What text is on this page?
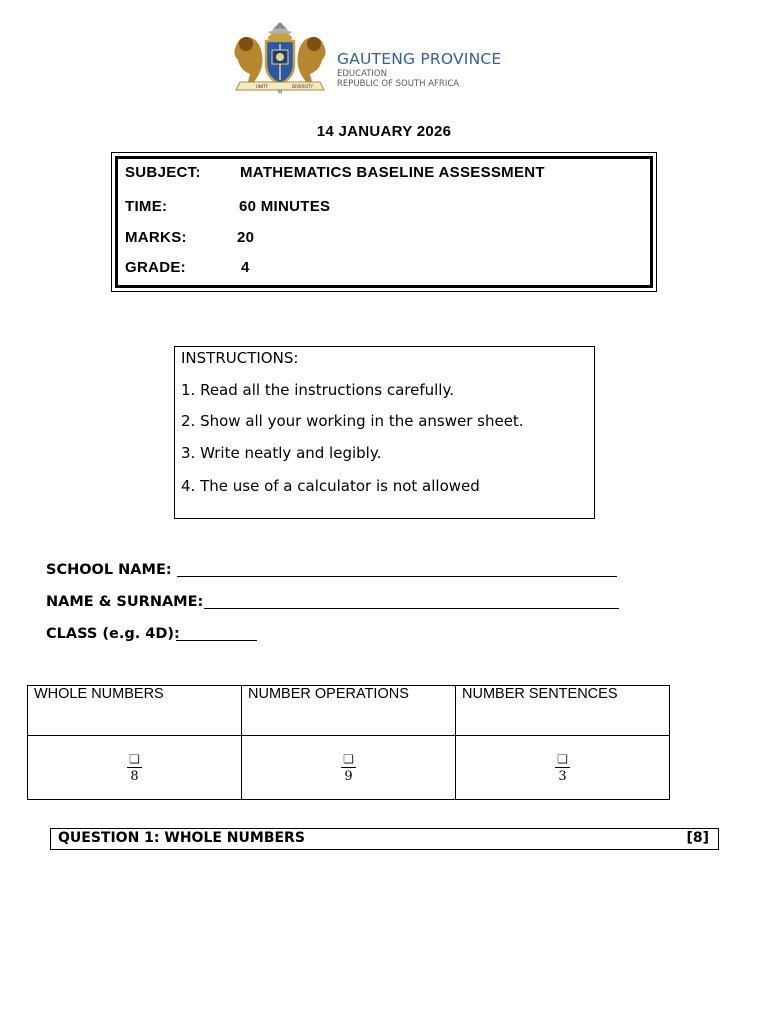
UNITY
IN
DIVERSITY
GAUTENG PROVINCE
EDUCATION
REPUBLIC OF SOUTH AFRICA
14 JANUARY 2026
SUBJECT:	MATHEMATICS BASELINE ASSESSMENT
TIME:	60 MINUTES
MARKS:	20
GRADE:	4
INSTRUCTIONS:
1. Read all the instructions carefully.
2. Show all your working in the answer sheet.
3. Write neatly and legibly.
4. The use of a calculator is not allowed
SCHOOL NAME:
NAME & SURNAME:
CLASS (e.g. 4D):
WHOLE NUMBERS	NUMBER OPERATIONS	NUMBER SENTENCES

$\frac{❏}{8}$	$\frac{❏}{9}$	$\frac{❏}{3}$
QUESTION 1: WHOLE NUMBERS	[8]
